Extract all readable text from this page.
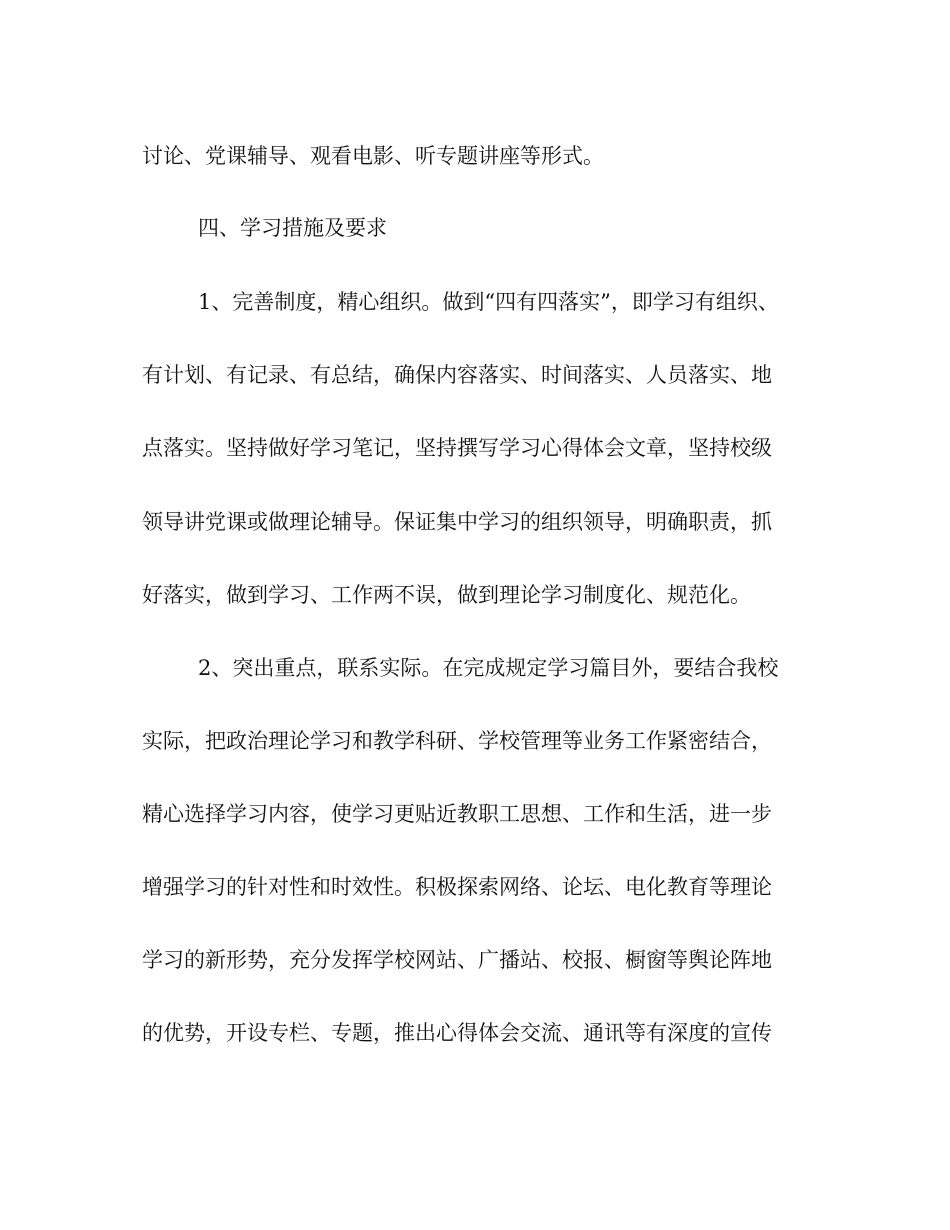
讨论、党课辅导、观看电影、听专题讲座等形式。
四、学习措施及要求
1、完善制度，精心组织。做到“四有四落实”，即学习有组织、
有计划、有记录、有总结，确保内容落实、时间落实、人员落实、地
点落实。坚持做好学习笔记，坚持撰写学习心得体会文章，坚持校级
领导讲党课或做理论辅导。保证集中学习的组织领导，明确职责，抓
好落实，做到学习、工作两不误，做到理论学习制度化、规范化。
2、突出重点，联系实际。在完成规定学习篇目外，要结合我校
实际，把政治理论学习和教学科研、学校管理等业务工作紧密结合，
精心选择学习内容，使学习更贴近教职工思想、工作和生活，进一步
增强学习的针对性和时效性。积极探索网络、论坛、电化教育等理论
学习的新形势，充分发挥学校网站、广播站、校报、橱窗等舆论阵地
的优势，开设专栏、专题，推出心得体会交流、通讯等有深度的宣传
